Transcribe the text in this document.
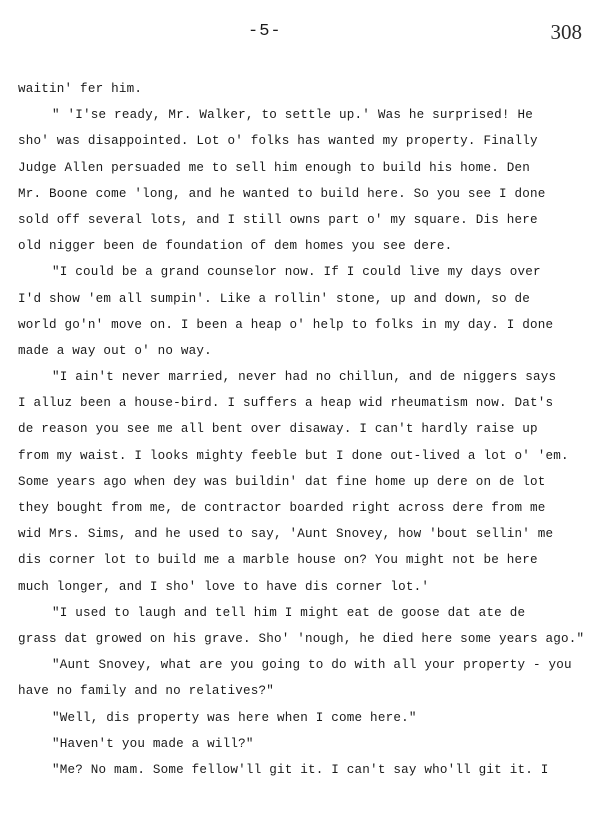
-5-	308
waitin' fer him.
" 'I'se ready, Mr. Walker, to settle up.' Was he surprised! He
sho' was disappointed. Lot o' folks has wanted my property. Finally
Judge Allen persuaded me to sell him enough to build his home. Den
Mr. Boone come 'long, and he wanted to build here. So you see I done
sold off several lots, and I still owns part o' my square. Dis here
old nigger been de foundation of dem homes you see dere.
"I could be a grand counselor now. If I could live my days over
I'd show 'em all sumpin'. Like a rollin' stone, up and down, so de
world go'n' move on. I been a heap o' help to folks in my day. I done
made a way out o' no way.
"I ain't never married, never had no chillun, and de niggers says
I alluz been a house-bird. I suffers a heap wid rheumatism now. Dat's
de reason you see me all bent over disaway. I can't hardly raise up
from my waist. I looks mighty feeble but I done out-lived a lot o' 'em.
Some years ago when dey was buildin' dat fine home up dere on de lot
they bought from me, de contractor boarded right across dere from me
wid Mrs. Sims, and he used to say, 'Aunt Snovey, how 'bout sellin' me
dis corner lot to build me a marble house on? You might not be here
much longer, and I sho' love to have dis corner lot.'
"I used to laugh and tell him I might eat de goose dat ate de
grass dat growed on his grave. Sho' 'nough, he died here some years ago."
"Aunt Snovey, what are you going to do with all your property - you
have no family and no relatives?"
"Well, dis property was here when I come here."
"Haven't you made a will?"
"Me? No mam. Some fellow'll git it. I can't say who'll git it. I
